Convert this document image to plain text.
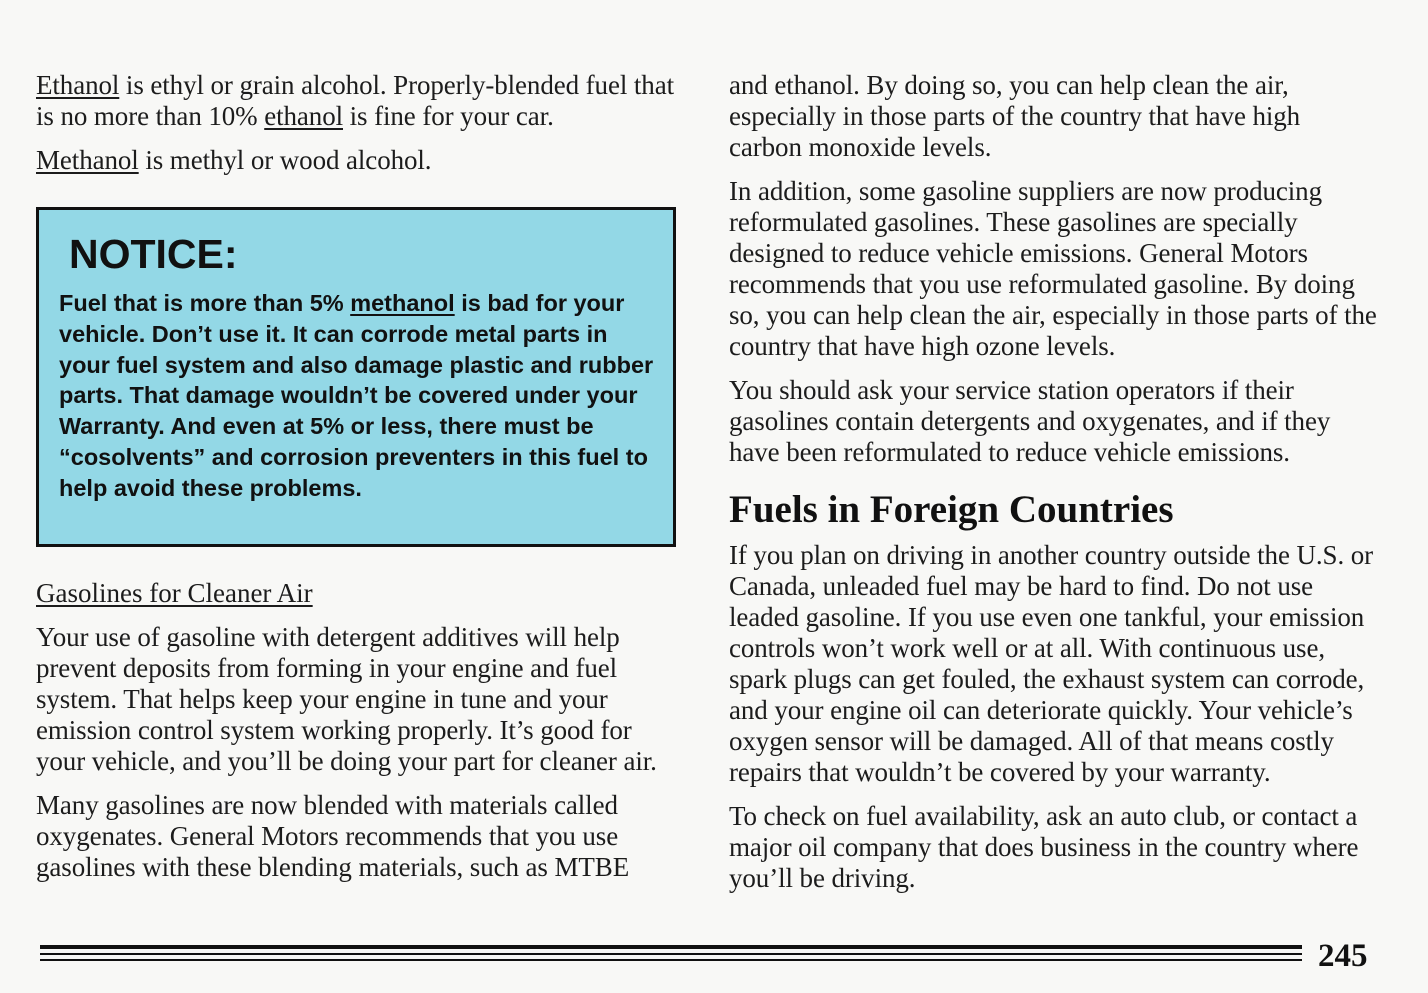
Ethanol is ethyl or grain alcohol. Properly-blended fuel that is no more than 10% ethanol is fine for your car.

Methanol is methyl or wood alcohol.

NOTICE:

Fuel that is more than 5% methanol is bad for your vehicle. Don’t use it. It can corrode metal parts in your fuel system and also damage plastic and rubber parts. That damage wouldn’t be covered under your Warranty. And even at 5% or less, there must be “cosolvents” and corrosion preventers in this fuel to help avoid these problems.

Gasolines for Cleaner Air

Your use of gasoline with detergent additives will help prevent deposits from forming in your engine and fuel system. That helps keep your engine in tune and your emission control system working properly. It’s good for your vehicle, and you’ll be doing your part for cleaner air.

Many gasolines are now blended with materials called oxygenates. General Motors recommends that you use gasolines with these blending materials, such as MTBE

and ethanol. By doing so, you can help clean the air, especially in those parts of the country that have high carbon monoxide levels.

In addition, some gasoline suppliers are now producing reformulated gasolines. These gasolines are specially designed to reduce vehicle emissions. General Motors recommends that you use reformulated gasoline. By doing so, you can help clean the air, especially in those parts of the country that have high ozone levels.

You should ask your service station operators if their gasolines contain detergents and oxygenates, and if they have been reformulated to reduce vehicle emissions.

Fuels in Foreign Countries

If you plan on driving in another country outside the U.S. or Canada, unleaded fuel may be hard to find. Do not use leaded gasoline. If you use even one tankful, your emission controls won’t work well or at all. With continuous use, spark plugs can get fouled, the exhaust system can corrode, and your engine oil can deteriorate quickly. Your vehicle’s oxygen sensor will be damaged. All of that means costly repairs that wouldn’t be covered by your warranty.

To check on fuel availability, ask an auto club, or contact a major oil company that does business in the country where you’ll be driving.

245
